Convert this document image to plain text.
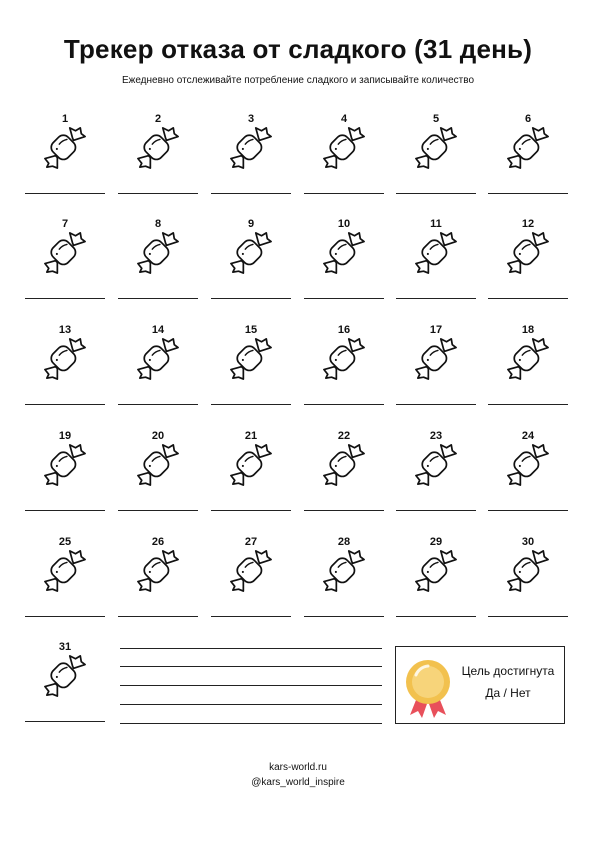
Трекер отказа от сладкого (31 день)
Ежедневно отслеживайте потребление сладкого и записывайте количество
1	2	3	4	5	6
7	8	9	10	11	12
13	14	15	16	17	18
19	20	21	22	23	24
25	26	27	28	29	30
31
Цель достигнута
Да / Нет
kars-world.ru
@kars_world_inspire
